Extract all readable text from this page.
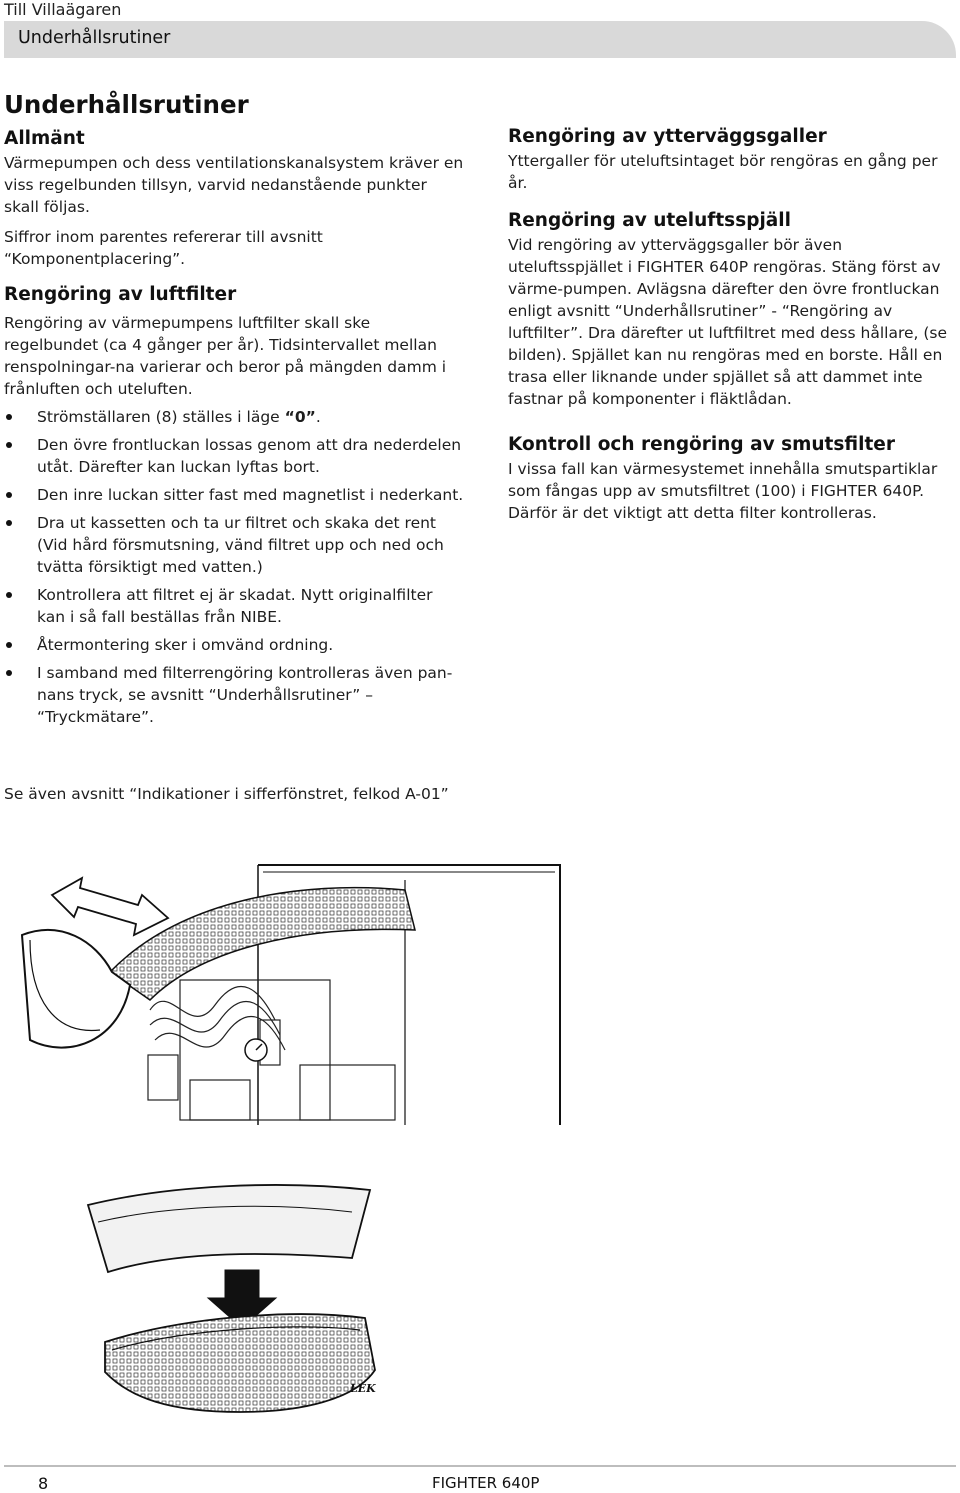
Till Villaägaren
Underhållsrutiner
Underhållsrutiner
Allmänt

Värmepumpen och dess ventilationskanalsystem kräver en viss regelbunden tillsyn, varvid nedanstående punkter skall följas.

Siffror inom parentes refererar till avsnitt “Komponentplacering”.

Rengöring av luftfilter

Rengöring av värmepumpens luftfilter skall ske regelbundet (ca 4 gånger per år). Tidsintervallet mellan renspolningar-na varierar och beror på mängden damm i frånluften och uteluften.

Strömställaren (8) ställes i läge “0”.
Den övre frontluckan lossas genom att dra nederdelen utåt. Därefter kan luckan lyftas bort.
Den inre luckan sitter fast med magnetlist i nederkant.
Dra ut kassetten och ta ur filtret och skaka det rent (Vid hård försmutsning, vänd filtret upp och ned och tvätta försiktigt med vatten.)
Kontrollera att filtret ej är skadat. Nytt originalfilter kan i så fall beställas från NIBE.
Återmontering sker i omvänd ordning.
I samband med filterrengöring kontrolleras även pan-nans tryck, se avsnitt “Underhållsrutiner” – “Tryckmätare”.
Rengöring av ytterväggsgaller

Yttergaller för uteluftsintaget bör rengöras en gång per år.

Rengöring av uteluftsspjäll

Vid rengöring av ytterväggsgaller bör även uteluftsspjället i FIGHTER 640P rengöras. Stäng först av värme-pumpen. Avlägsna därefter den övre frontluckan enligt avsnitt “Underhållsrutiner” - “Rengöring av luftfilter”. Dra därefter ut luftfiltret med dess hållare, (se bilden). Spjället kan nu rengöras med en borste. Håll en trasa eller liknande under spjället så att dammet inte fastnar på komponenter i fläktlådan.

Kontroll och rengöring av smutsfilter

I vissa fall kan värmesystemet innehålla smutspartiklar som fångas upp av smutsfiltret (100) i FIGHTER 640P. Därför är det viktigt att detta filter kontrolleras.

Se även avsnitt “Indikationer i sifferfönstret, felkod A-01”
LEK
8	FIGHTER 640P
